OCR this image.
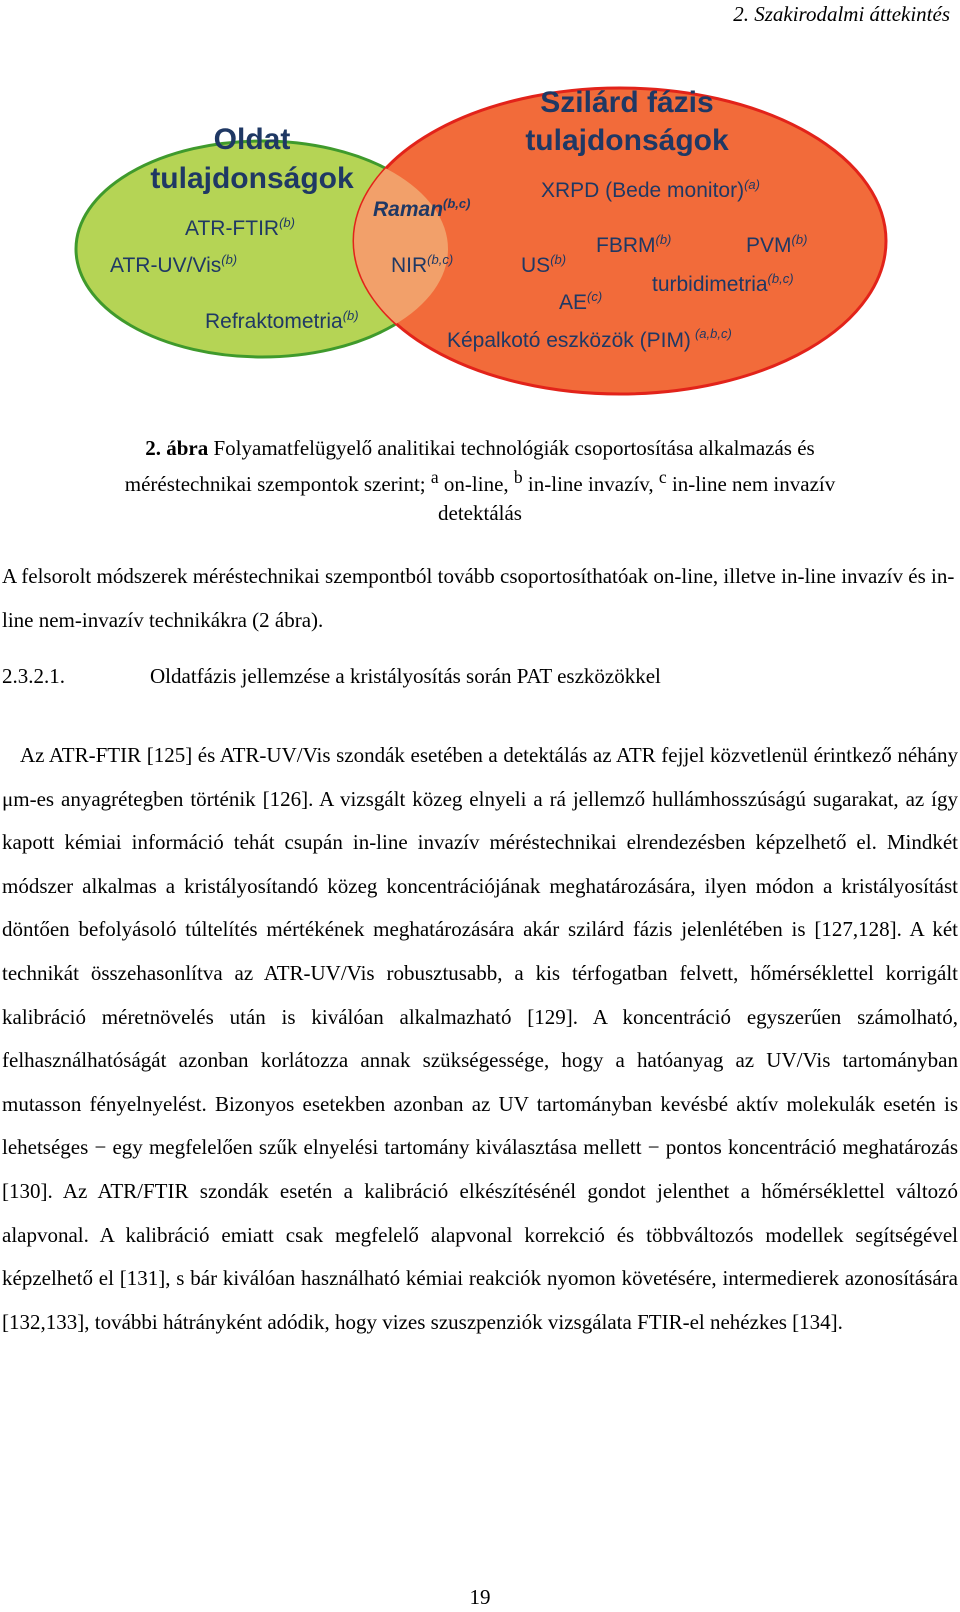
2. Szakirodalmi áttekintés
Oldat
tulajdonságok
Szilárd fázis
tulajdonságok
ATR-FTIR$^{(b)}$
ATR-UV/Vis$^{(b)}$
Refraktometria$^{(b)}$
Raman$^{(b,c)}$
NIR$^{(b,c)}$
XRPD (Bede monitor)$^{(a)}$
US$^{(b)}$
FBRM$^{(b)}$	PVM$^{(b)}$
turbidimetria$^{(b,c)}$
AE$^{(c)}$
Képalkotó eszközök (PIM) $^{(a,b,c)}$
2. ábra Folyamatfelügyelő analitikai technológiák csoportosítása alkalmazás és
méréstechnikai szempontok szerint; $^a$ on-line, $^b$ in-line invazív, $^c$ in-line nem invazív
detektálás
A felsorolt módszerek méréstechnikai szempontból tovább csoportosíthatóak on-line, illetve in-line invazív és in-line nem-invazív technikákra (2 ábra).
2.3.2.1.	Oldatfázis jellemzése a kristályosítás során PAT eszközökkel
Az ATR-FTIR [125] és ATR-UV/Vis szondák esetében a detektálás az ATR fejjel közvetlenül érintkező néhány μm-es anyagrétegben történik [126]. A vizsgált közeg elnyeli a rá jellemző hullámhosszúságú sugarakat, az így kapott kémiai információ tehát csupán in-line invazív méréstechnikai elrendezésben képzelhető el. Mindkét módszer alkalmas a kristályosítandó közeg koncentrációjának meghatározására, ilyen módon a kristályosítást döntően befolyásoló túltelítés mértékének meghatározására akár szilárd fázis jelenlétében is [127,128]. A két technikát összehasonlítva az ATR-UV/Vis robusztusabb, a kis térfogatban felvett, hőmérséklettel korrigált kalibráció méretnövelés után is kiválóan alkalmazható [129]. A koncentráció egyszerűen számolható, felhasználhatóságát azonban korlátozza annak szükségessége, hogy a hatóanyag az UV/Vis tartományban mutasson fényelnyelést. Bizonyos esetekben azonban az UV tartományban kevésbé aktív molekulák esetén is lehetséges − egy megfelelően szűk elnyelési tartomány kiválasztása mellett − pontos koncentráció meghatározás [130]. Az ATR/FTIR szondák esetén a kalibráció elkészítésénél gondot jelenthet a hőmérséklettel változó alapvonal. A kalibráció emiatt csak megfelelő alapvonal korrekció és többváltozós modellek segítségével képzelhető el [131], s bár kiválóan használható kémiai reakciók nyomon követésére, intermedierek azonosítására [132,133], további hátrányként adódik, hogy vizes szuszpenziók vizsgálata FTIR-el nehézkes [134].
19
